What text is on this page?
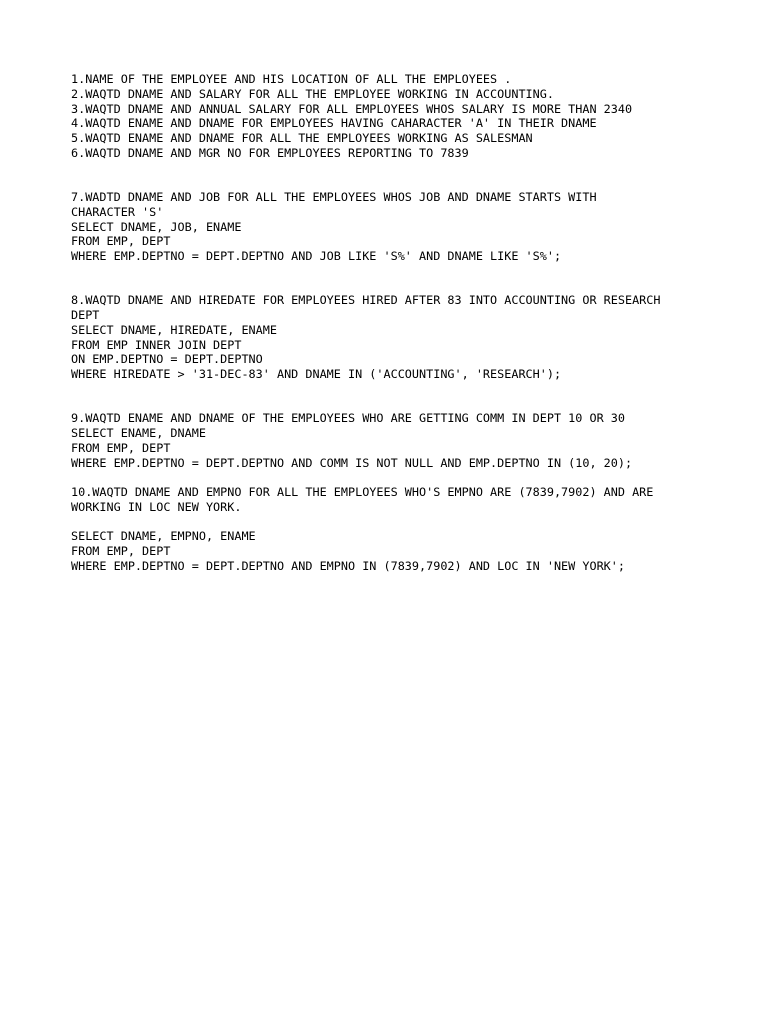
1.NAME OF THE EMPLOYEE AND HIS LOCATION OF ALL THE EMPLOYEES .
2.WAQTD DNAME AND SALARY FOR ALL THE EMPLOYEE WORKING IN ACCOUNTING.
3.WAQTD DNAME AND ANNUAL SALARY FOR ALL EMPLOYEES WHOS SALARY IS MORE THAN 2340
4.WAQTD ENAME AND DNAME FOR EMPLOYEES HAVING CAHARACTER 'A' IN THEIR DNAME
5.WAQTD ENAME AND DNAME FOR ALL THE EMPLOYEES WORKING AS SALESMAN
6.WAQTD DNAME AND MGR NO FOR EMPLOYEES REPORTING TO 7839
7.WADTD DNAME AND JOB FOR ALL THE EMPLOYEES WHOS JOB AND DNAME STARTS WITH
CHARACTER 'S'
SELECT DNAME, JOB, ENAME
FROM EMP, DEPT
WHERE EMP.DEPTNO = DEPT.DEPTNO AND JOB LIKE 'S%' AND DNAME LIKE 'S%';
8.WAQTD DNAME AND HIREDATE FOR EMPLOYEES HIRED AFTER 83 INTO ACCOUNTING OR RESEARCH
DEPT
SELECT DNAME, HIREDATE, ENAME
FROM EMP INNER JOIN DEPT
ON EMP.DEPTNO = DEPT.DEPTNO
WHERE HIREDATE > '31-DEC-83' AND DNAME IN ('ACCOUNTING', 'RESEARCH');
9.WAQTD ENAME AND DNAME OF THE EMPLOYEES WHO ARE GETTING COMM IN DEPT 10 OR 30
SELECT ENAME, DNAME
FROM EMP, DEPT
WHERE EMP.DEPTNO = DEPT.DEPTNO AND COMM IS NOT NULL AND EMP.DEPTNO IN (10, 20);
10.WAQTD DNAME AND EMPNO FOR ALL THE EMPLOYEES WHO'S EMPNO ARE (7839,7902) AND ARE
WORKING IN LOC NEW YORK.
SELECT DNAME, EMPNO, ENAME
FROM EMP, DEPT
WHERE EMP.DEPTNO = DEPT.DEPTNO AND EMPNO IN (7839,7902) AND LOC IN 'NEW YORK';
